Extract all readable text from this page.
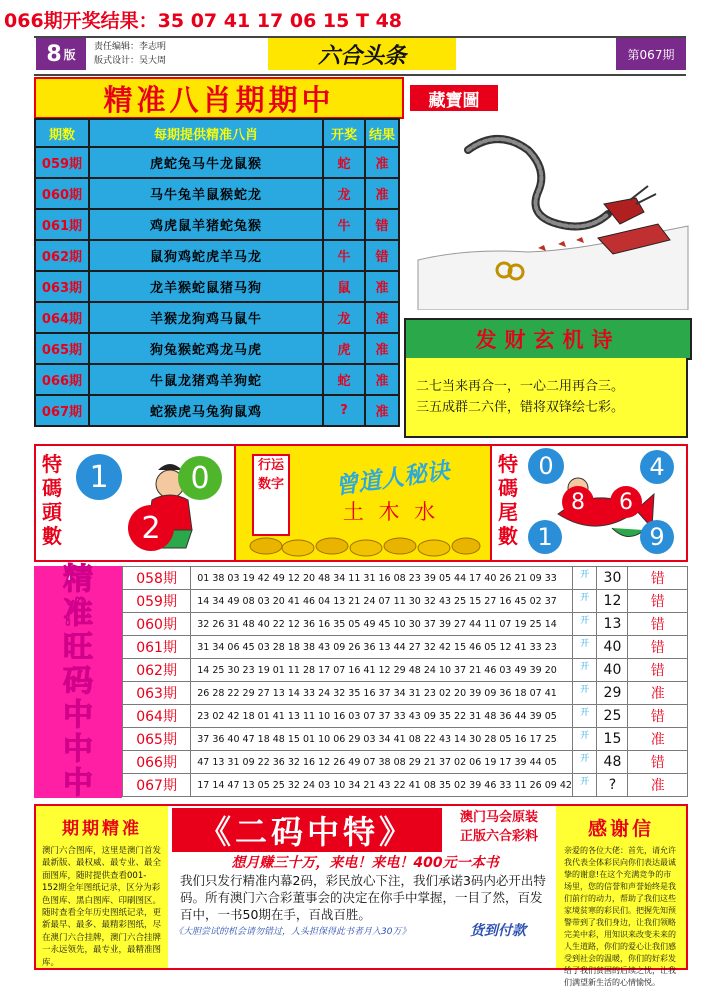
066期开奖结果：35 07 41 17 06 15 T 48
8 版
责任编辑：李志明
版式设计：吴大周	六合头条	第067期
精准八肖期期中	藏寶圖
期数	每期提供精准八肖	开奖	结果
059期	虎蛇兔马牛龙鼠猴	蛇	准
060期	马牛兔羊鼠猴蛇龙	龙	准
061期	鸡虎鼠羊猪蛇兔猴	牛	错
062期	鼠狗鸡蛇虎羊马龙	牛	错
063期	龙羊猴蛇鼠猪马狗	鼠	准
064期	羊猴龙狗鸡马鼠牛	龙	准
065期	狗兔猴蛇鸡龙马虎	虎	准
066期	牛鼠龙猪鸡羊狗蛇	蛇	准
067期	蛇猴虎马兔狗鼠鸡	?	准
发财玄机诗
二七当来再合一，一心二用再合三。
三五成群二六伴，错将双锋绘七彩。
特
碼
頭
數
1	0
2
行 运
数 字	曾道人秘诀
土 木 水
特
碼
尾
數
0	4
8 6
1	9
精
准
旺
码
中
中
中
058期	01 38 03 19 42 49 12 20 48 34 11 31 16 08 23 39 05 44 17 40 26 21 09 33	开	30	错
059期	14 34 49 08 03 20 41 46 04 13 21 24 07 11 30 32 43 25 15 27 16 45 02 37	开	12	错
060期	32 26 31 48 40 22 12 36 16 35 05 49 45 10 30 37 39 27 44 11 07 19 25 14	开	13	错
061期	31 34 06 45 03 28 18 38 43 09 26 36 13 44 27 32 42 15 46 05 12 41 33 23	开	40	错
062期	14 25 30 23 19 01 11 28 17 07 16 41 12 29 48 24 10 37 21 46 03 49 39 20	开	40	错
063期	26 28 22 29 27 13 14 33 24 32 35 16 37 34 31 23 02 20 39 09 36 18 07 41	开	29	准
064期	23 02 42 18 01 41 13 11 10 16 03 07 37 33 43 09 35 22 31 48 36 44 39 05	开	25	错
065期	37 36 40 47 18 48 15 01 10 06 29 03 34 41 08 22 43 14 30 28 05 16 17 25	开	15	准
066期	47 13 31 09 22 36 32 16 12 26 49 07 38 08 29 21 37 02 06 19 17 39 44 05	开	48	错
067期	17 14 47 13 05 25 32 24 03 10 34 21 43 22 41 08 35 02 39 46 33 11 26 09 42	开	?	准
期期精准
澳门六合图库，这里是澳门首发最新版、最权威、最专业、最全面图库，随时提供查看001-152期全年图纸记录，区分为彩色图库、黑白图库、印刷图区。随时查看全年历史图纸记录，更新最早、最多、最精彩图纸，尽在澳门六合挂牌，澳门六合挂牌一永远领先，最专业，最精准图库。
《二码中特》	澳门马会原装
正版六合彩料
想月赚三十万，来电！来电！400元一本书
我们只发行精准内幕2码，彩民放心下注，我们承诺3码内必开出特码。所有澳门六合彩董事会的决定在你手中掌握，一目了然，百发百中，一书50期在手，百战百胜。
《大胆尝试的机会请勿错过，人头担保得此书者月入30万》	货到付款
感谢信
亲爱的各位大佬：首先，请允许我代表全体彩民向你们表达最诚挚的谢意!在这个充满竞争的市场里，您的信誉和声誉始终是我们前行的动力，帮助了我们这些家境贫寒的彩民们。把握先知预警带到了我们身边，让我们领略完美中彩，用知识来改变未来的人生道路，你们的爱心让我们感受到社会的温暖，你们的好彩发给了我们贫困的后续之忧，让我们满望新生活的心情愉悦。
